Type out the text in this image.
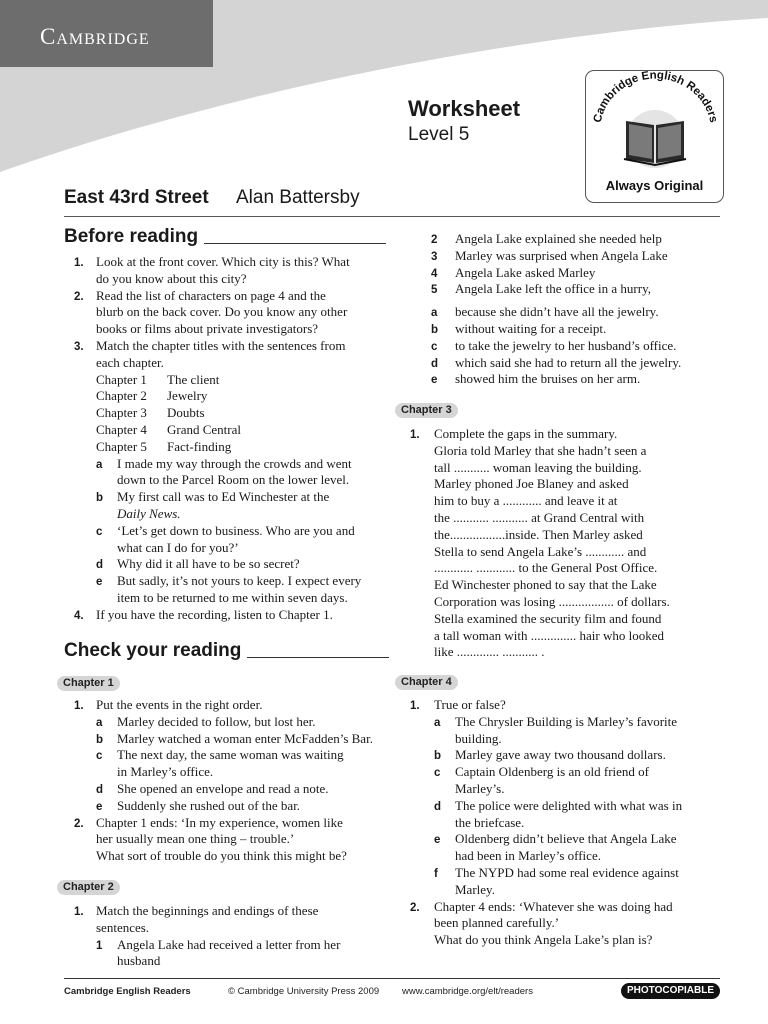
Cambridge
Worksheet
Level 5
Cambridge English Readers
Always Original
East 43rd Street Alan Battersby
Before reading
1. Look at the front cover. Which city is this? What
do you know about this city?
2. Read the list of characters on page 4 and the
blurb on the back cover. Do you know any other
books or films about private investigators?
3. Match the chapter titles with the sentences from
each chapter.
Chapter 1 The client
Chapter 2 Jewelry
Chapter 3 Doubts
Chapter 4 Grand Central
Chapter 5 Fact-finding
a I made my way through the crowds and went
down to the Parcel Room on the lower level.
b My first call was to Ed Winchester at the
Daily News.
c ‘Let’s get down to business. Who are you and
what can I do for you?’
d Why did it all have to be so secret?
e But sadly, it’s not yours to keep. I expect every
item to be returned to me within seven days.
4. If you have the recording, listen to Chapter 1.
Check your reading
Chapter 1
1. Put the events in the right order.
a Marley decided to follow, but lost her.
b Marley watched a woman enter McFadden’s Bar.
c The next day, the same woman was waiting
in Marley’s office.
d She opened an envelope and read a note.
e Suddenly she rushed out of the bar.
2. Chapter 1 ends: ‘In my experience, women like
her usually mean one thing – trouble.’
What sort of trouble do you think this might be?
Chapter 2
1. Match the beginnings and endings of these
sentences.
1 Angela Lake had received a letter from her
husband
2 Angela Lake explained she needed help
3 Marley was surprised when Angela Lake
4 Angela Lake asked Marley
5 Angela Lake left the office in a hurry,
a because she didn’t have all the jewelry.
b without waiting for a receipt.
c to take the jewelry to her husband’s office.
d which said she had to return all the jewelry.
e showed him the bruises on her arm.
Chapter 3
1. Complete the gaps in the summary.
Gloria told Marley that she hadn’t seen a
tall ........... woman leaving the building.
Marley phoned Joe Blaney and asked
him to buy a ............ and leave it at
the ........... ........... at Grand Central with
the.................inside. Then Marley asked
Stella to send Angela Lake’s ............ and
............ ............ to the General Post Office.
Ed Winchester phoned to say that the Lake
Corporation was losing ................. of dollars.
Stella examined the security film and found
a tall woman with .............. hair who looked
like ............. ........... .
Chapter 4
1. True or false?
a The Chrysler Building is Marley’s favorite
building.
b Marley gave away two thousand dollars.
c Captain Oldenberg is an old friend of
Marley’s.
d The police were delighted with what was in
the briefcase.
e Oldenberg didn’t believe that Angela Lake
had been in Marley’s office.
f The NYPD had some real evidence against
Marley.
2. Chapter 4 ends: ‘Whatever she was doing had
been planned carefully.’
What do you think Angela Lake’s plan is?
Cambridge English Readers	© Cambridge University Press 2009 www.cambridge.org/elt/readers	PHOTOCOPIABLE
